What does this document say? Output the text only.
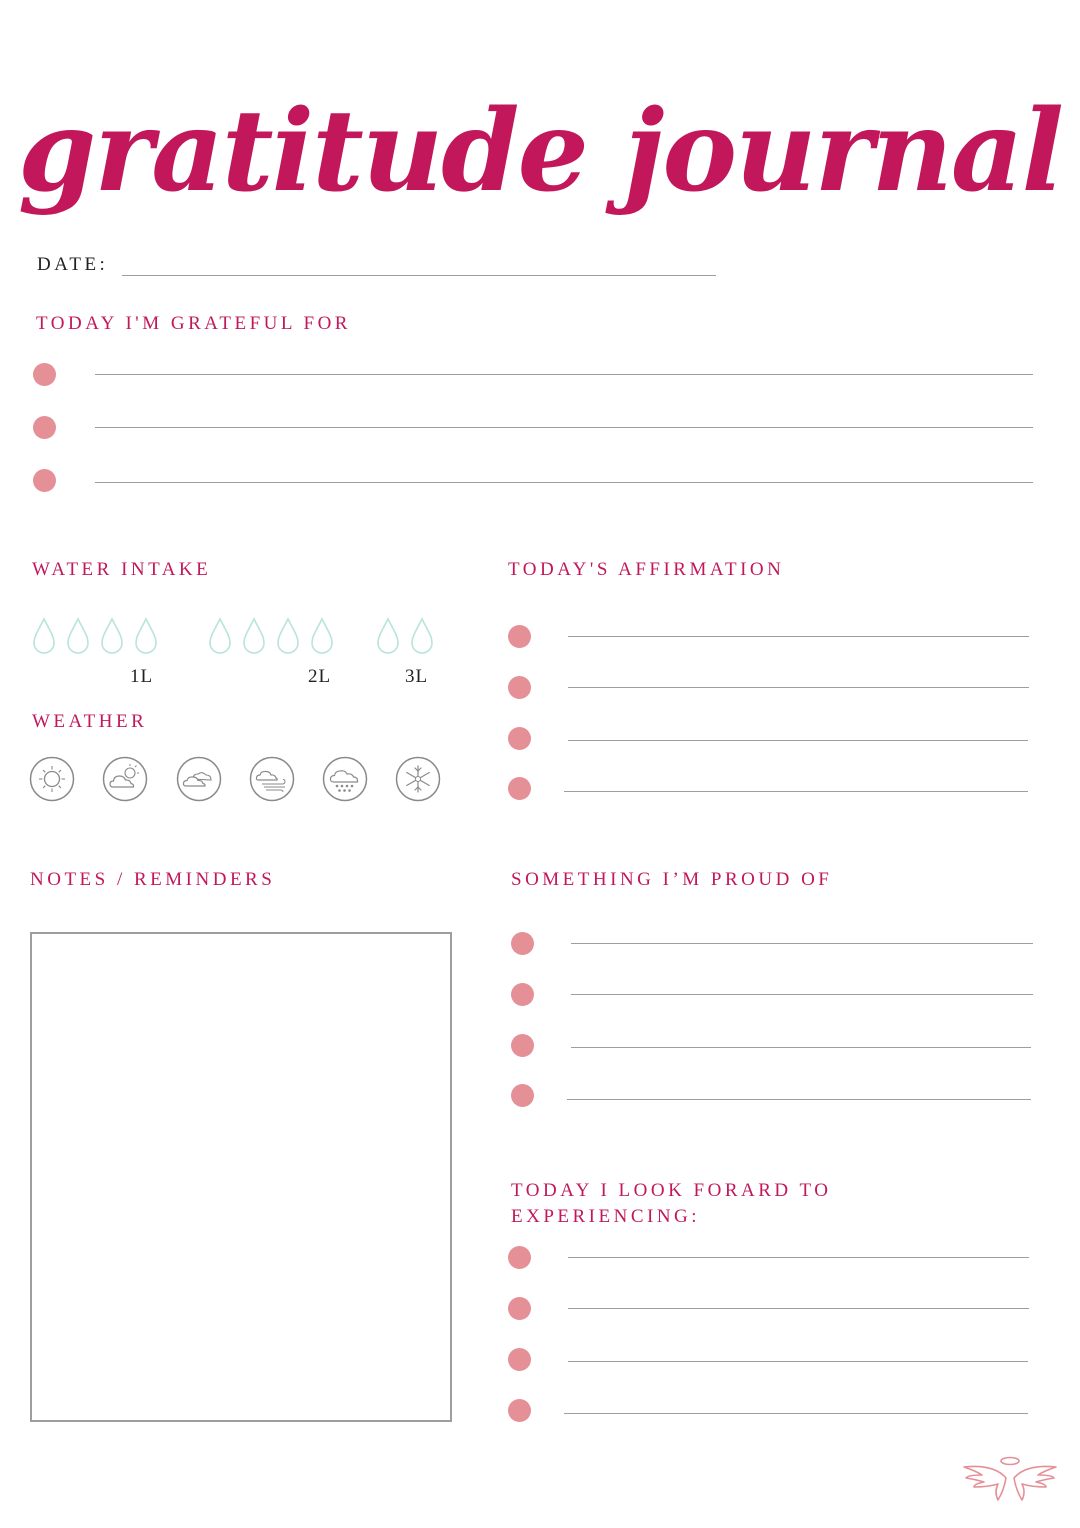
gratitude journal
DATE:
TODAY I'M GRATEFUL FOR
WATER INTAKE
1L	2L	3L
WEATHER
TODAY'S AFFIRMATION
NOTES / REMINDERS	SOMETHING I’M PROUD OF
TODAY I LOOK FORARD TO
EXPERIENCING:
